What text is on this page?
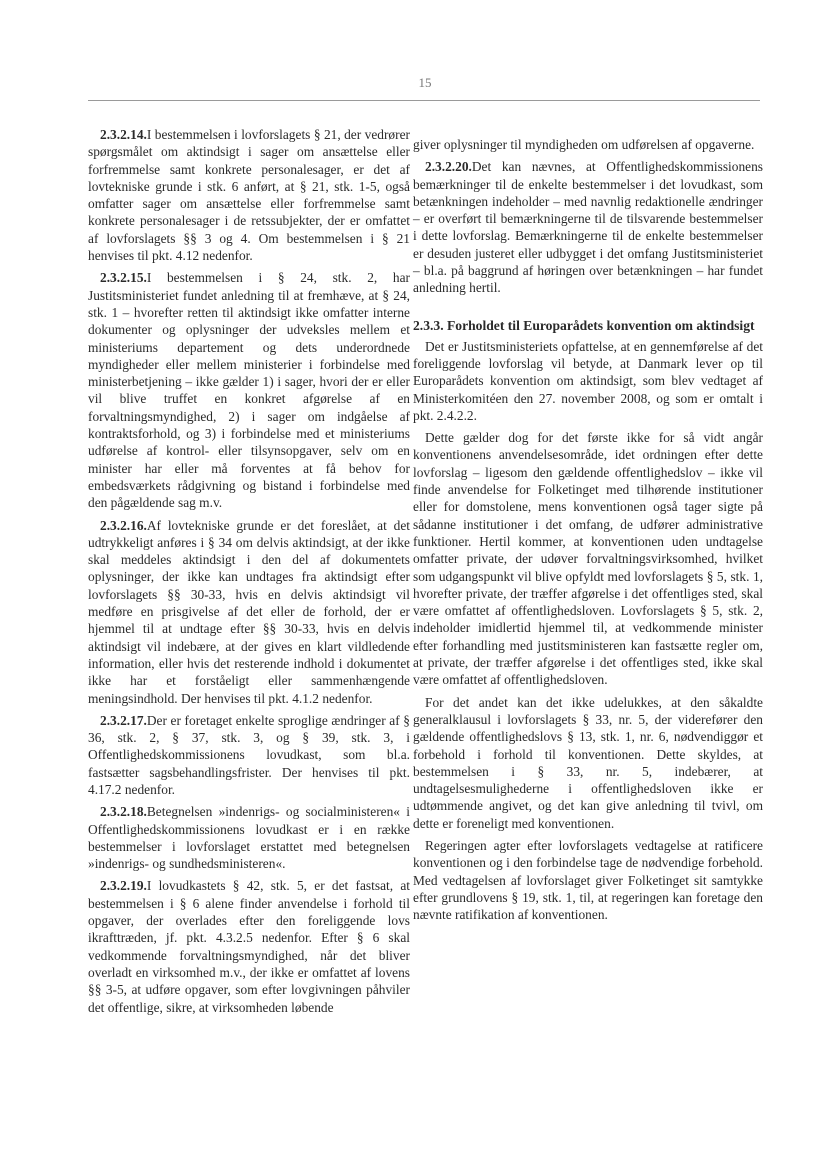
15

2.3.2.14.I bestemmelsen i lovforslagets § 21, der vedrører spørgsmålet om aktindsigt i sager om ansættelse eller forfremmelse samt konkrete personalesager, er det af lovtekniske grunde i stk. 6 anført, at § 21, stk. 1-5, også omfatter sager om ansættelse eller forfremmelse samt konkrete personalesager i de retssubjekter, der er omfattet af lovforslagets §§ 3 og 4. Om bestemmelsen i § 21 henvises til pkt. 4.12 nedenfor.

2.3.2.15.I bestemmelsen i § 24, stk. 2, har Justitsministeriet fundet anledning til at fremhæve, at § 24, stk. 1 – hvorefter retten til aktindsigt ikke omfatter interne dokumenter og oplysninger der udveksles mellem et ministeriums departement og dets underordnede myndigheder eller mellem ministerier i forbindelse med ministerbetjening – ikke gælder 1) i sager, hvori der er eller vil blive truffet en konkret afgørelse af en forvaltningsmyndighed, 2) i sager om indgåelse af kontraktsforhold, og 3) i forbindelse med et ministeriums udførelse af kontrol- eller tilsynsopgaver, selv om en minister har eller må forventes at få behov for embedsværkets rådgivning og bistand i forbindelse med den pågældende sag m.v.

2.3.2.16.Af lovtekniske grunde er det foreslået, at det udtrykkeligt anføres i § 34 om delvis aktindsigt, at der ikke skal meddeles aktindsigt i den del af dokumentets oplysninger, der ikke kan undtages fra aktindsigt efter lovforslagets §§ 30-33, hvis en delvis aktindsigt vil medføre en prisgivelse af det eller de forhold, der er hjemmel til at undtage efter §§ 30-33, hvis en delvis aktindsigt vil indebære, at der gives en klart vildledende information, eller hvis det resterende indhold i dokumentet ikke har et forståeligt eller sammenhængende meningsindhold. Der henvises til pkt. 4.1.2 nedenfor.

2.3.2.17.Der er foretaget enkelte sproglige ændringer af § 36, stk. 2, § 37, stk. 3, og § 39, stk. 3, i Offentlighedskommissionens lovudkast, som bl.a. fastsætter sagsbehandlingsfrister. Der henvises til pkt. 4.17.2 nedenfor.

2.3.2.18.Betegnelsen »indenrigs- og socialministeren« i Offentlighedskommissionens lovudkast er i en række bestemmelser i lovforslaget erstattet med betegnelsen »indenrigs- og sundhedsministeren«.

2.3.2.19.I lovudkastets § 42, stk. 5, er det fastsat, at bestemmelsen i § 6 alene finder anvendelse i forhold til opgaver, der overlades efter den foreliggende lovs ikrafttræden, jf. pkt. 4.3.2.5 nedenfor. Efter § 6 skal vedkommende forvaltningsmyndighed, når det bliver overladt en virksomhed m.v., der ikke er omfattet af lovens §§ 3-5, at udføre opgaver, som efter lovgivningen påhviler det offentlige, sikre, at virksomheden løbende

giver oplysninger til myndigheden om udførelsen af opgaverne.

2.3.2.20.Det kan nævnes, at Offentlighedskommissionens bemærkninger til de enkelte bestemmelser i det lovudkast, som betænkningen indeholder – med navnlig redaktionelle ændringer – er overført til bemærkningerne til de tilsvarende bestemmelser i dette lovforslag. Bemærkningerne til de enkelte bestemmelser er desuden justeret eller udbygget i det omfang Justitsministeriet – bl.a. på baggrund af høringen over betænkningen – har fundet anledning hertil.

2.3.3. Forholdet til Europarådets konvention om aktindsigt

Det er Justitsministeriets opfattelse, at en gennemførelse af det foreliggende lovforslag vil betyde, at Danmark lever op til Europarådets konvention om aktindsigt, som blev vedtaget af Ministerkomitéen den 27. november 2008, og som er omtalt i pkt. 2.4.2.2.

Dette gælder dog for det første ikke for så vidt angår konventionens anvendelsesområde, idet ordningen efter dette lovforslag – ligesom den gældende offentlighedslov – ikke vil finde anvendelse for Folketinget med tilhørende institutioner eller for domstolene, mens konventionen også tager sigte på sådanne institutioner i det omfang, de udfører administrative funktioner. Hertil kommer, at konventionen uden undtagelse omfatter private, der udøver forvaltningsvirksomhed, hvilket som udgangspunkt vil blive opfyldt med lovforslagets § 5, stk. 1, hvorefter private, der træffer afgørelse i det offentliges sted, skal være omfattet af offentlighedsloven. Lovforslagets § 5, stk. 2, indeholder imidlertid hjemmel til, at vedkommende minister efter forhandling med justitsministeren kan fastsætte regler om, at private, der træffer afgørelse i det offentliges sted, ikke skal være omfattet af offentlighedsloven.

For det andet kan det ikke udelukkes, at den såkaldte generalklausul i lovforslagets § 33, nr. 5, der viderefører den gældende offentlighedslovs § 13, stk. 1, nr. 6, nødvendiggør et forbehold i forhold til konventionen. Dette skyldes, at bestemmelsen i § 33, nr. 5, indebærer, at undtagelsesmulighederne i offentlighedsloven ikke er udtømmende angivet, og det kan give anledning til tvivl, om dette er foreneligt med konventionen.

Regeringen agter efter lovforslagets vedtagelse at ratificere konventionen og i den forbindelse tage de nødvendige forbehold. Med vedtagelsen af lovforslaget giver Folketinget sit samtykke efter grundlovens § 19, stk. 1, til, at regeringen kan foretage den nævnte ratifikation af konventionen.
